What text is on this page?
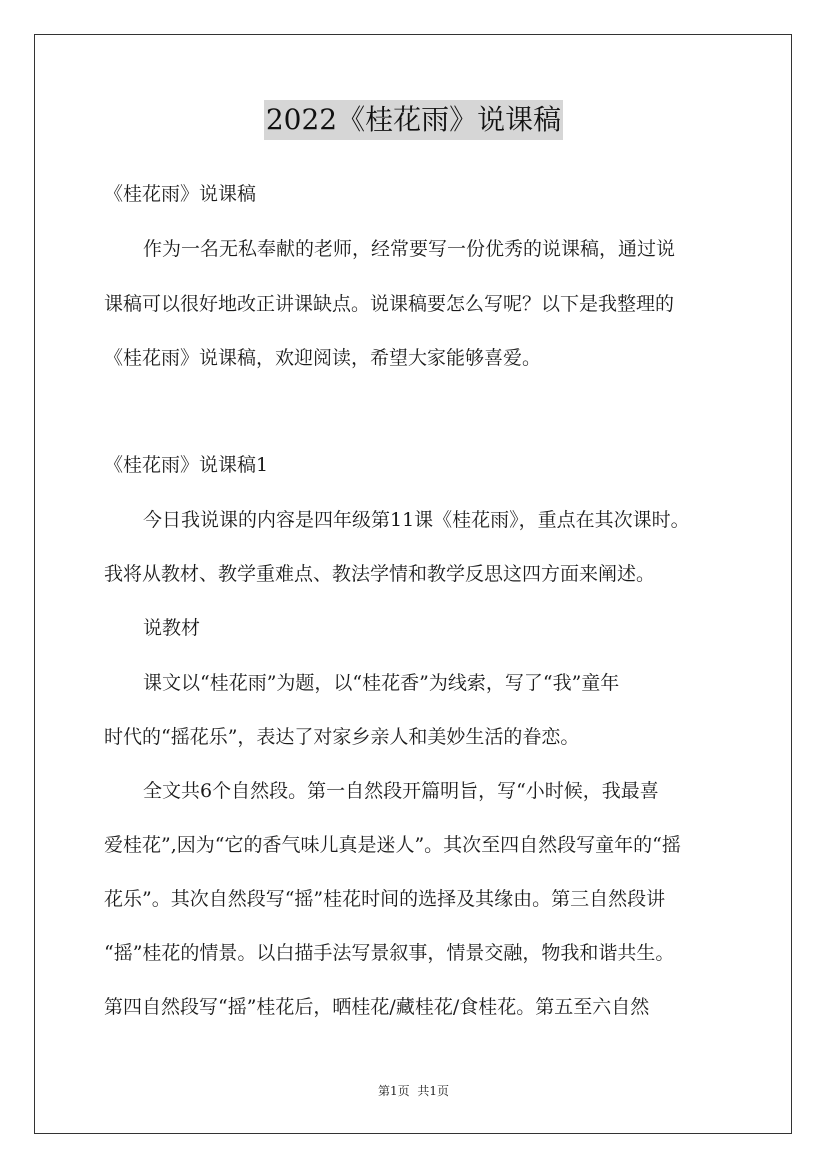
2022《桂花雨》说课稿
《桂花雨》说课稿
作为一名无私奉献的老师，经常要写一份优秀的说课稿，通过说
课稿可以很好地改正讲课缺点。说课稿要怎么写呢？以下是我整理的
《桂花雨》说课稿，欢迎阅读，希望大家能够喜爱。
《桂花雨》说课稿1
今日我说课的内容是四年级第11课《桂花雨》，重点在其次课时。
我将从教材、教学重难点、教法学情和教学反思这四方面来阐述。
说教材
课文以“桂花雨”为题，以“桂花香”为线索，写了“我”童年
时代的“摇花乐”，表达了对家乡亲人和美妙生活的眷恋。
全文共6个自然段。第一自然段开篇明旨，写“小时候，我最喜
爱桂花”,因为“它的香气味儿真是迷人”。其次至四自然段写童年的“摇
花乐”。其次自然段写“摇”桂花时间的选择及其缘由。第三自然段讲
“摇”桂花的情景。以白描手法写景叙事，情景交融，物我和谐共生。
第四自然段写“摇”桂花后，晒桂花/藏桂花/食桂花。第五至六自然
第1页 共1页
